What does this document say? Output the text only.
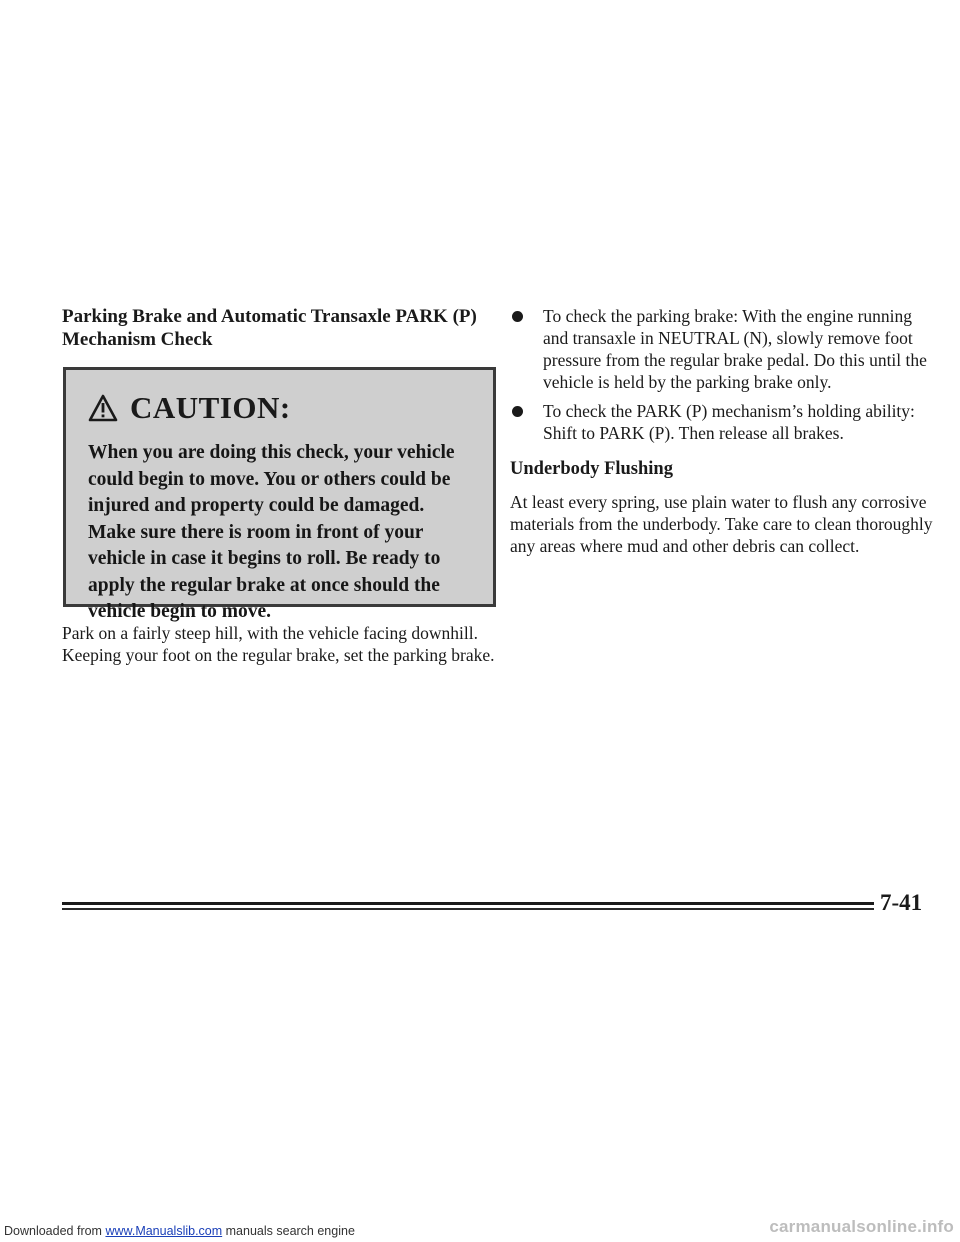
Parking Brake and Automatic Transaxle PARK (P)
Mechanism Check
CAUTION:

When you are doing this check, your vehicle could begin to move. You or others could be injured and property could be damaged. Make sure there is room in front of your vehicle in case it begins to roll. Be ready to apply the regular brake at once should the vehicle begin to move.

Park on a fairly steep hill, with the vehicle facing downhill. Keeping your foot on the regular brake, set the parking brake.

To check the parking brake: With the engine running and transaxle in NEUTRAL (N), slowly remove foot pressure from the regular brake pedal. Do this until the vehicle is held by the parking brake only.

To check the PARK (P) mechanism’s holding ability: Shift to PARK (P). Then release all brakes.

Underbody Flushing

At least every spring, use plain water to flush any corrosive materials from the underbody. Take care to clean thoroughly any areas where mud and other debris can collect.

7-41
Downloaded from www.Manualslib.com manuals search engine	carmanualsonline.info
